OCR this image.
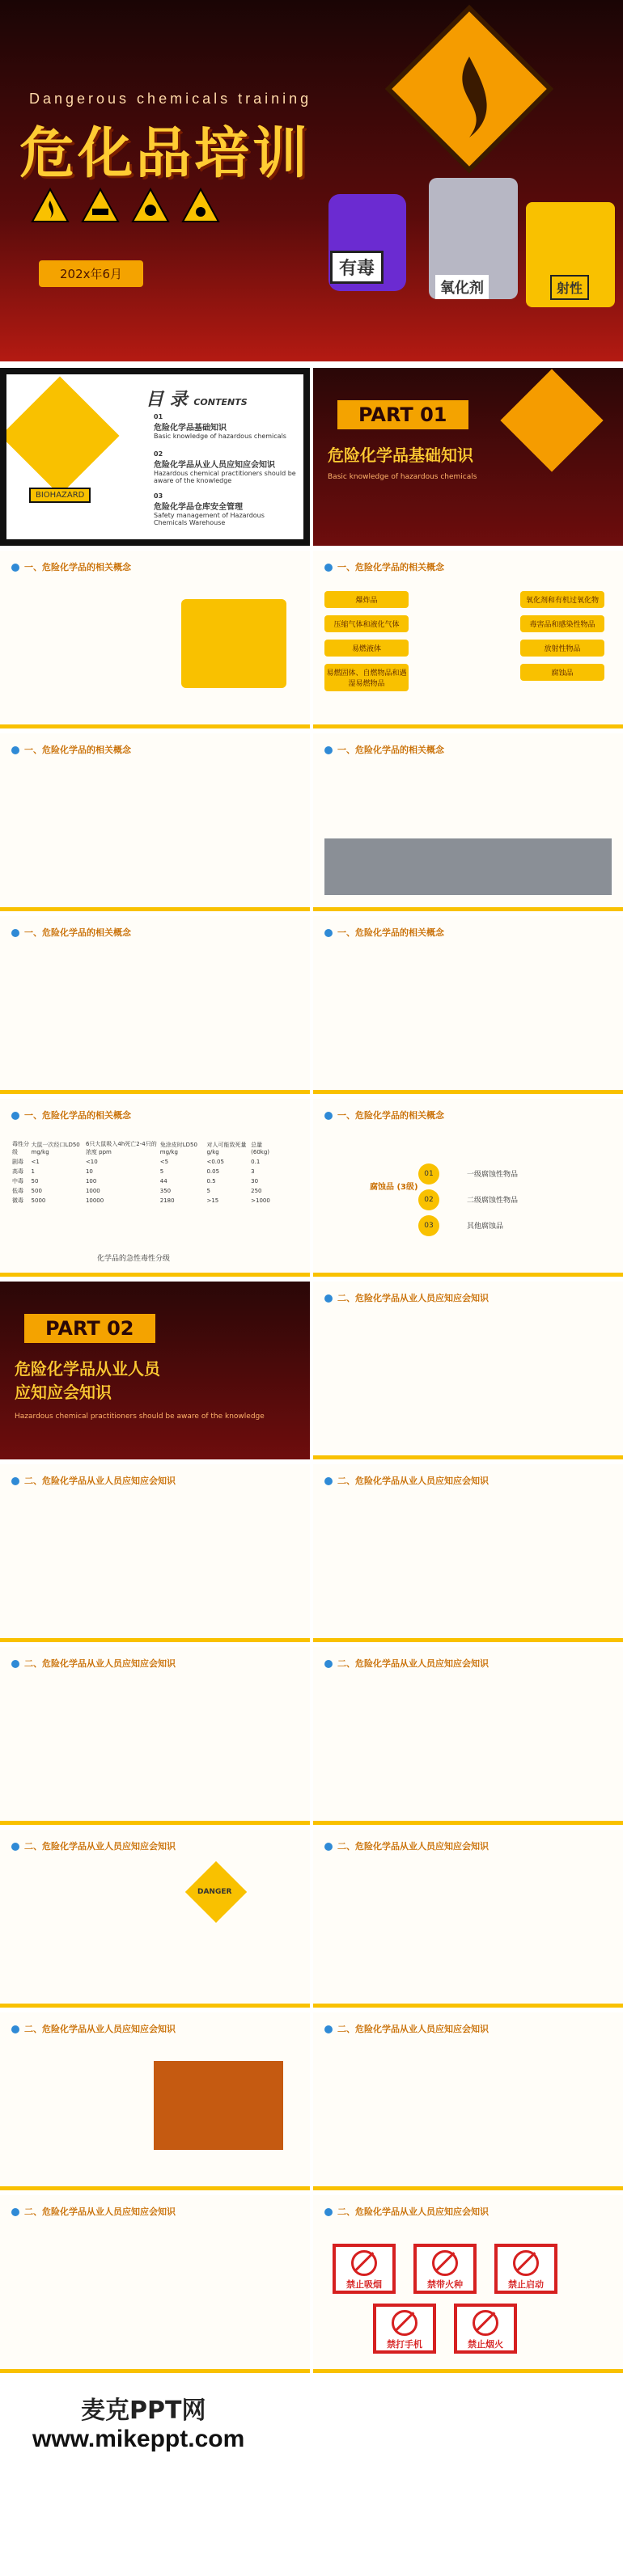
Dangerous chemicals training
危化品培训
202x年6月	有毒
氧化剂	射性
BIOHAZARD
目 录 CONTENTS
01
危险化学品基础知识
Basic knowledge of hazardous chemicals
02
危险化学品从业人员应知应会知识
Hazardous chemical practitioners should be aware of the knowledge
03
危险化学品仓库安全管理
Safety management of Hazardous Chemicals Warehouse
PART 01
危险化学品基础知识
Basic knowledge of hazardous chemicals
一、危险化学品的相关概念	一、危险化学品的相关概念
爆炸品
压缩气体和液化气体
易燃液体
易燃固体、自燃物品和遇湿易燃物品
氧化剂和有机过氧化物
毒害品和感染性物品
放射性物品
腐蚀品
一、危险化学品的相关概念	一、危险化学品的相关概念
一、危险化学品的相关概念	一、危险化学品的相关概念
一、危险化学品的相关概念
毒性分级	大鼠一次经口LD50 mg/kg	6只大鼠吸入4h死亡2-4只的浓度 ppm	兔涂皮时LD50 mg/kg	对人可能致死量 g/kg	总量(60kg)
剧毒	<1	<10	<5	<0.05	0.1
高毒	1	10	5	0.05	3
中毒	50	100	44	0.5	30
低毒	500	1000	350	5	250
微毒	5000	10000	2180	>15	>1000
化学品的急性毒性分级
一、危险化学品的相关概念
腐蚀品 (3级)
01	一级腐蚀性物品
02	二级腐蚀性物品
03	其他腐蚀品
PART 02
危险化学品从业人员
应知应会知识
Hazardous chemical practitioners should be aware of the knowledge
二、危险化学品从业人员应知应会知识
二、危险化学品从业人员应知应会知识	二、危险化学品从业人员应知应会知识
二、危险化学品从业人员应知应会知识	二、危险化学品从业人员应知应会知识
二、危险化学品从业人员应知应会知识
DANGER
二、危险化学品从业人员应知应会知识
二、危险化学品从业人员应知应会知识	二、危险化学品从业人员应知应会知识
二、危险化学品从业人员应知应会知识	二、危险化学品从业人员应知应会知识
禁止吸烟	禁带火种	禁止启动
禁打手机	禁止烟火
麦克PPT网
www.mikeppt.com
